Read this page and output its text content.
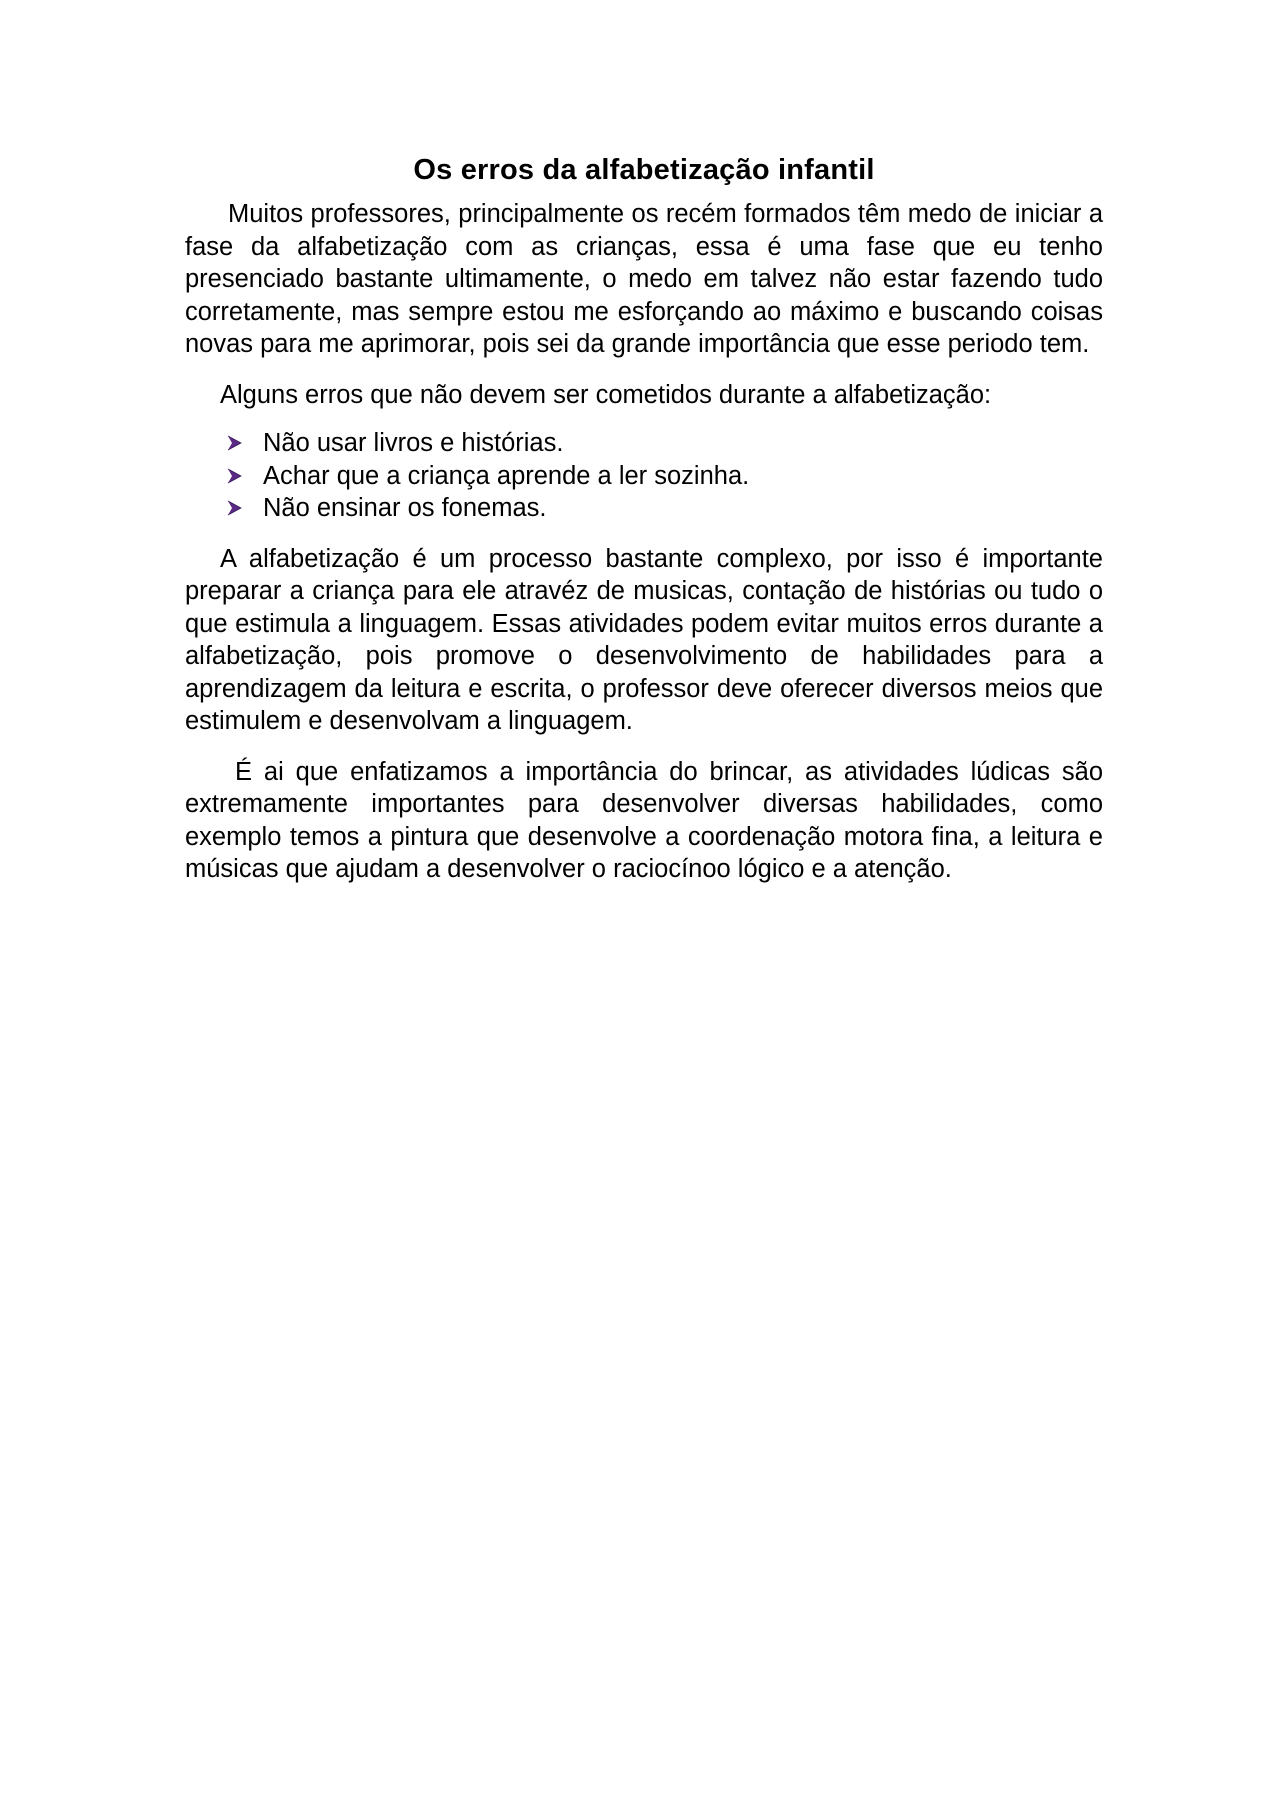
Os erros da alfabetização infantil

Muitos professores, principalmente os recém formados têm medo de iniciar a fase da alfabetização com as crianças, essa é uma fase que eu tenho presenciado bastante ultimamente, o medo em talvez não estar fazendo tudo corretamente, mas sempre estou me esforçando ao máximo e buscando coisas novas para me aprimorar, pois sei da grande importância que esse periodo tem.

Alguns erros que não devem ser cometidos durante a alfabetização:

Não usar livros e histórias.
Achar que a criança aprende a ler sozinha.
Não ensinar os fonemas.

A alfabetização é um processo bastante complexo, por isso é importante preparar a criança para ele atravéz de musicas, contação de histórias ou tudo o que estimula a linguagem. Essas atividades podem evitar muitos erros durante a alfabetização, pois promove o desenvolvimento de habilidades para a aprendizagem da leitura e escrita, o professor deve oferecer diversos meios que estimulem e desenvolvam a linguagem.

É ai que enfatizamos a importância do brincar, as atividades lúdicas são extremamente importantes para desenvolver diversas habilidades, como exemplo temos a pintura que desenvolve a coordenação motora fina, a leitura e músicas que ajudam a desenvolver o raciocínoo lógico e a atenção.
